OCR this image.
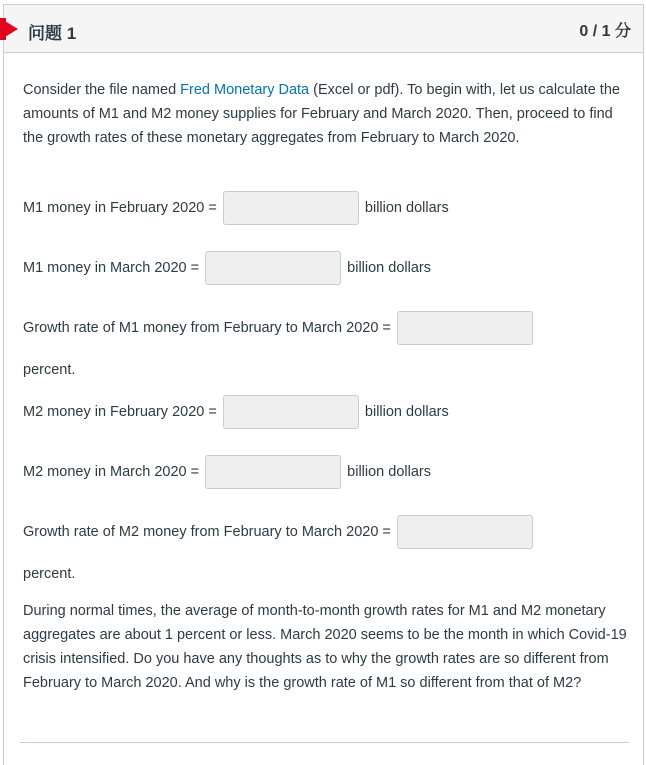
问题 1	0 / 1 分

Consider the file named Fred Monetary Data (Excel or pdf). To begin with, let us calculate the amounts of M1 and M2 money supplies for February and March 2020. Then, proceed to find the growth rates of these monetary aggregates from February to March 2020.

M1 money in February 2020 =	billion dollars
M1 money in March 2020 =	billion dollars
Growth rate of M1 money from February to March 2020 =
percent.
M2 money in February 2020 =	billion dollars
M2 money in March 2020 =	billion dollars
Growth rate of M2 money from February to March 2020 =
percent.

During normal times, the average of month-to-month growth rates for M1 and M2 monetary aggregates are about 1 percent or less. March 2020 seems to be the month in which Covid-19 crisis intensified. Do you have any thoughts as to why the growth rates are so different from February to March 2020. And why is the growth rate of M1 so different from that of M2?
